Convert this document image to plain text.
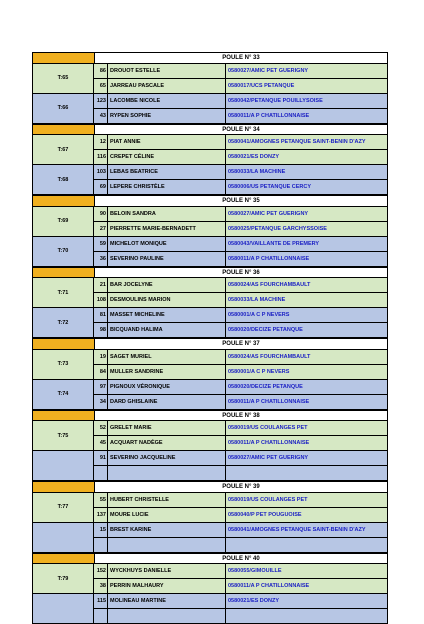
POULE N° 33
T:65
86 DROUOT ESTELLE	0580027/AMIC PET GUERIGNY
65 JARREAU PASCALE	0580017/UCS PETANQUE
T:66
123 LACOMBE NICOLE	0580042/PETANQUE POUILLYSOISE
43 RYPEN SOPHIE	0580011/A P CHATILLONNAISE
POULE N° 34
T:67
12 PIAT ANNIE	0580041/AMOGNES PETANQUE SAINT-BENIN D'AZY
116 CREPET CÉLINE	0580021/ES DONZY
T:68
103 LEBAS BEATRICE	0580033/LA MACHINE
69 LEPERE CHRISTÈLE	0580006/US PETANQUE CERCY
POULE N° 35
T:69
90 BELOIN SANDRA	0580027/AMIC PET GUERIGNY
27 PIERRETTE MARIE-BERNADETT	0580025/PETANQUE GARCHYSSOISE
T:70
59 MICHELOT MONIQUE	0580043/VAILLANTE DE PREMERY
36 SEVERINO PAULINE	0580011/A P CHATILLONNAISE
POULE N° 36
T:71
21 BAR JOCELYNE	0580024/AS FOURCHAMBAULT
108 DESMOULINS MARION	0580033/LA MACHINE
T:72
81 MASSET MICHELINE	0580001/A C P NEVERS
98 BICQUAND HALIMA	0580020/DECIZE PETANQUE
POULE N° 37
T:73
19 SAGET MURIEL	0580024/AS FOURCHAMBAULT
84 MULLER SANDRINE	0580001/A C P NEVERS
T:74
97 PIGNOUX VÉRONIQUE	0580020/DECIZE PETANQUE
34 DARD GHISLAINE	0580011/A P CHATILLONNAISE
POULE N° 38
T:75
52 GRELET MARIE	0580019/US COULANGES PET
45 ACQUART NADÈGE	0580011/A P CHATILLONNAISE
91 SEVERINO JACQUELINE	0580027/AMIC PET GUERIGNY
POULE N° 39
T:77
55 HUBERT CHRISTELLE	0580019/US COULANGES PET
137 MOURE LUCIE	0580040/P PET POUGUOISE
15 BREST KARINE	0580041/AMOGNES PETANQUE SAINT-BENIN D'AZY
POULE N° 40
T:79
152 WYCKHUYS DANIELLE	0580055/GIMOUILLE
38 PERRIN MALHAURY	0580011/A P CHATILLONNAISE
115 MOLINEAU MARTINE	0580021/ES DONZY
